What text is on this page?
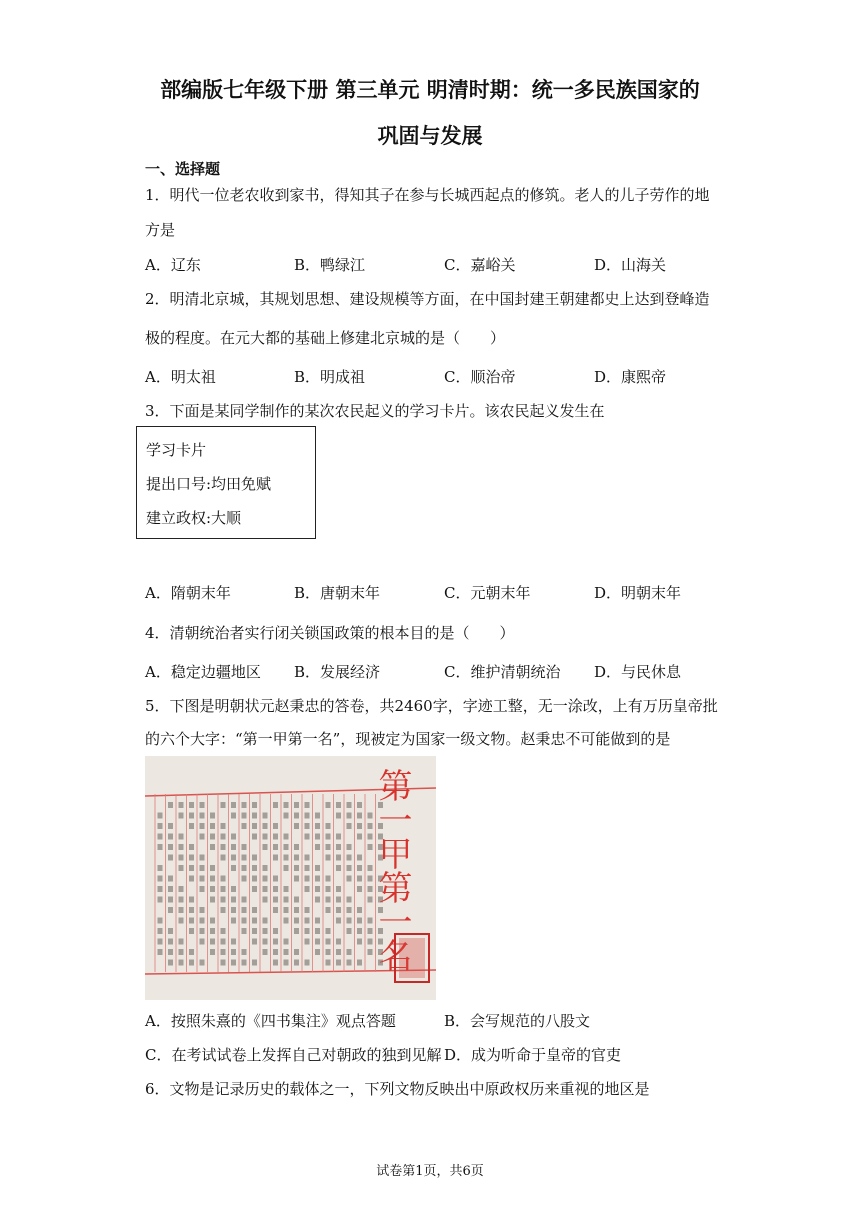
部编版七年级下册 第三单元 明清时期：统一多民族国家的
巩固与发展
一、选择题
1．明代一位老农收到家书，得知其子在参与长城西起点的修筑。老人的儿子劳作的地
方是
A．辽东	B．鸭绿江	C．嘉峪关	D．山海关
2．明清北京城，其规划思想、建设规模等方面，在中国封建王朝建都史上达到登峰造
极的程度。在元大都的基础上修建北京城的是（　　）
A．明太祖	B．明成祖	C．顺治帝	D．康熙帝
3．下面是某同学制作的某次农民起义的学习卡片。该农民起义发生在
学习卡片
提出口号:均田免赋
建立政权:大顺
A．隋朝末年	B．唐朝末年	C．元朝末年	D．明朝末年
4．清朝统治者实行闭关锁国政策的根本目的是（　　）
A．稳定边疆地区 B．发展经济	C．维护清朝统治 D．与民休息
5．下图是明朝状元赵秉忠的答卷，共2460字，字迹工整，无一涂改，上有万历皇帝批
的六个大字：“第一甲第一名”，现被定为国家一级文物。赵秉忠不可能做到的是
第一甲第一名
A．按照朱熹的《四书集注》观点答题	B．会写规范的八股文
C．在考试试卷上发挥自己对朝政的独到见解 D．成为听命于皇帝的官吏
6．文物是记录历史的载体之一，下列文物反映出中原政权历来重视的地区是
试卷第1页，共6页
